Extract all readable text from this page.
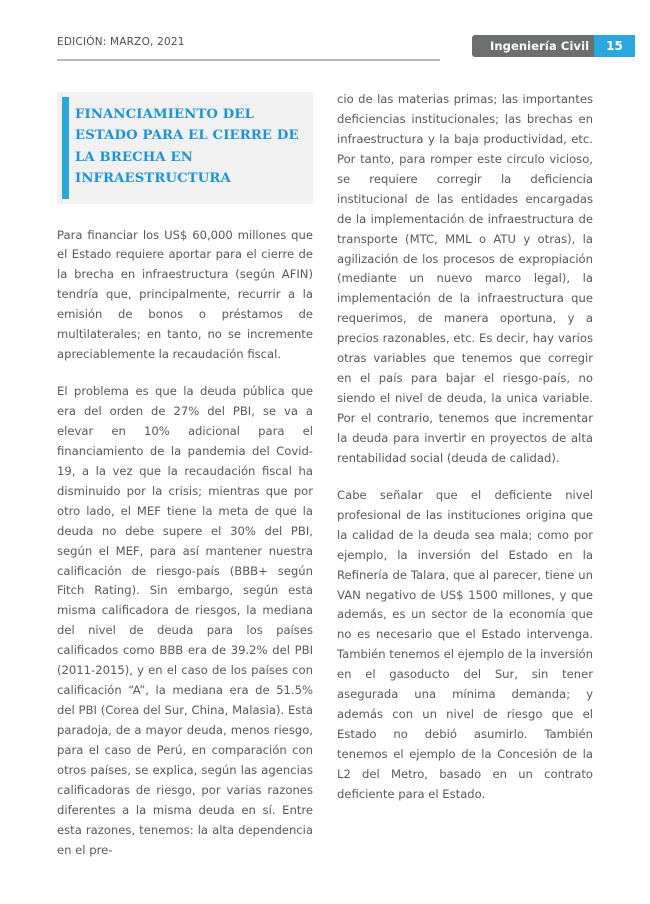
EDICIÓN: MARZO, 2021	Ingeniería Civil	15
FINANCIAMIENTO DEL ESTADO PARA EL CIERRE DE LA BRECHA EN INFRAESTRUCTURA

Para financiar los US$ 60,000 millones que el Estado requiere aportar para el cierre de la brecha en infraestructura (según AFIN) tendría que, principalmente, recurrir a la emisión de bonos o préstamos de multilaterales; en tanto, no se incremente apreciablemente la recaudación fiscal.

El problema es que la deuda pública que era del orden de 27% del PBI, se va a elevar en 10% adicional para el financiamiento de la pandemia del Covid-19, a la vez que la recaudación fiscal ha disminuido por la crisis; mientras que por otro lado, el MEF tiene la meta de que la deuda no debe supere el 30% del PBI, según el MEF, para así mantener nuestra calificación de riesgo-país (BBB+ según Fitch Rating). Sin embargo, según esta misma calificadora de riesgos, la mediana del nivel de deuda para los países calificados como BBB era de 39.2% del PBI (2011-2015), y en el caso de los países con calificación “A”, la mediana era de 51.5% del PBI (Corea del Sur, China, Malasia). Esta paradoja, de a mayor deuda, menos riesgo, para el caso de Perú, en comparación con otros países, se explica, según las agencias calificadoras de riesgo, por varias razones diferentes a la misma deuda en sí. Entre esta razones, tenemos: la alta dependencia en el pre-

cio de las materias primas; las importantes deficiencias institucionales; las brechas en infraestructura y la baja productividad, etc. Por tanto, para romper este circulo vicioso, se requiere corregir la deficiencia institucional de las entidades encargadas de la implementación de infraestructura de transporte (MTC, MML o ATU y otras), la agilización de los procesos de expropiación (mediante un nuevo marco legal), la implementación de la infraestructura que requerimos, de manera oportuna, y a precios razonables, etc. Es decir, hay varios otras variables que tenemos que corregir en el país para bajar el riesgo-país, no siendo el nivel de deuda, la unica variable. Por el contrario, tenemos que incrementar la deuda para invertir en proyectos de alta rentabilidad social (deuda de calidad).

Cabe señalar que el deficiente nivel profesional de las instituciones origina que la calidad de la deuda sea mala; como por ejemplo, la inversión del Estado en la Refinería de Talara, que al parecer, tiene un VAN negativo de US$ 1500 millones, y que además, es un sector de la economía que no es necesario que el Estado intervenga. También tenemos el ejemplo de la inversión en el gasoducto del Sur, sin tener asegurada una mínima demanda; y además con un nivel de riesgo que el Estado no debió asumirlo. También tenemos el ejemplo de la Concesión de la L2 del Metro, basado en un contrato deficiente para el Estado.
